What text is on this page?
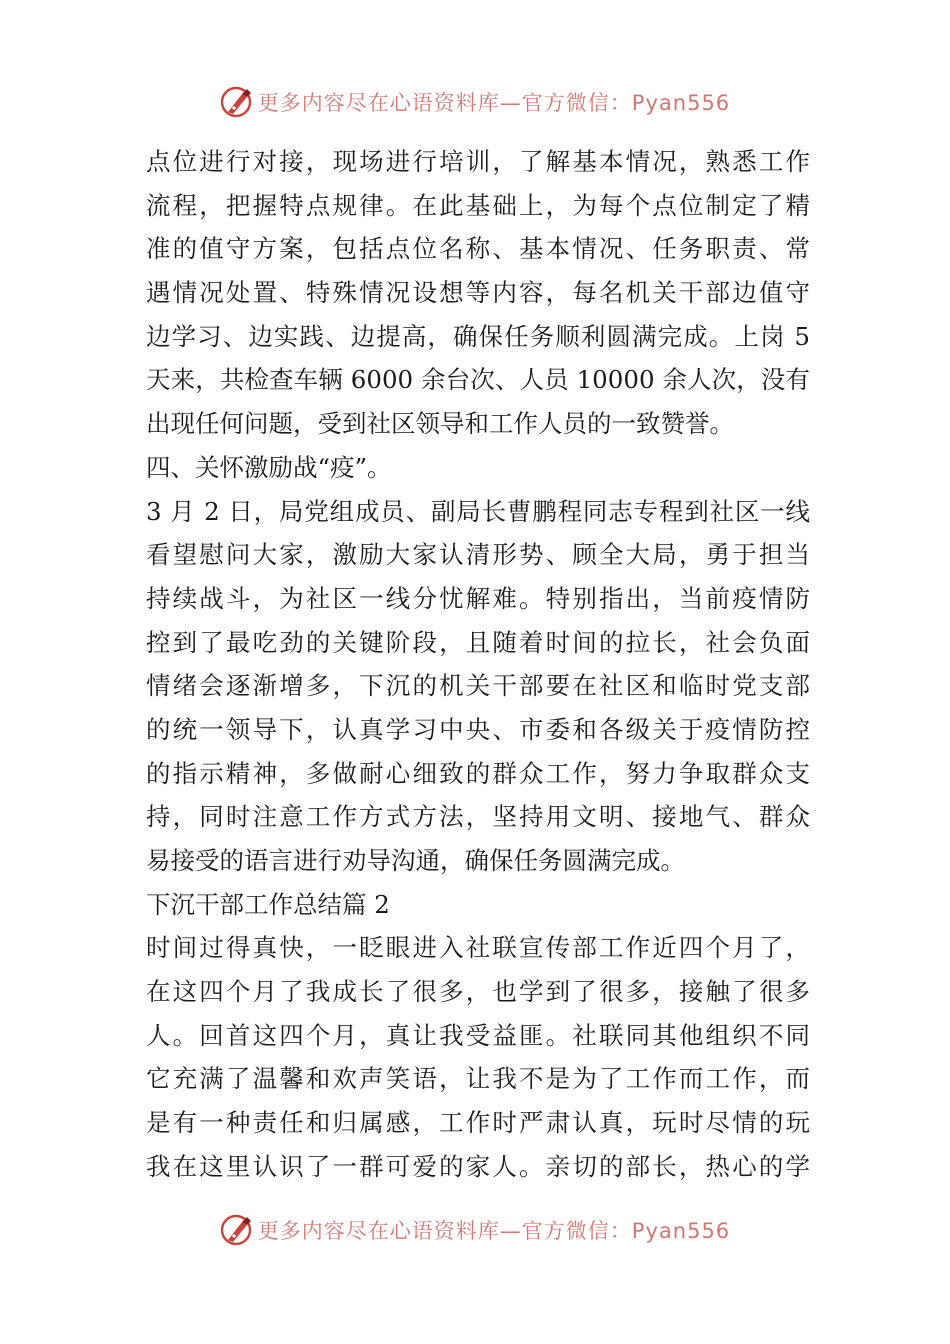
更多内容尽在心语资料库—官方微信：Pyan556
点位进行对接，现场进行培训，了解基本情况，熟悉工作
流程，把握特点规律。在此基础上，为每个点位制定了精
准的值守方案，包括点位名称、基本情况、任务职责、常
遇情况处置、特殊情况设想等内容，每名机关干部边值守
边学习、边实践、边提高，确保任务顺利圆满完成。上岗 5
天来，共检查车辆 6000 余台次、人员 10000 余人次，没有
出现任何问题，受到社区领导和工作人员的一致赞誉。
四、关怀激励战“疫”。
3 月 2 日，局党组成员、副局长曹鹏程同志专程到社区一线
看望慰问大家，激励大家认清形势、顾全大局，勇于担当
持续战斗，为社区一线分忧解难。特别指出，当前疫情防
控到了最吃劲的关键阶段，且随着时间的拉长，社会负面
情绪会逐渐增多，下沉的机关干部要在社区和临时党支部
的统一领导下，认真学习中央、市委和各级关于疫情防控
的指示精神，多做耐心细致的群众工作，努力争取群众支
持，同时注意工作方式方法，坚持用文明、接地气、群众
易接受的语言进行劝导沟通，确保任务圆满完成。
下沉干部工作总结篇 2
时间过得真快，一眨眼进入社联宣传部工作近四个月了，
在这四个月了我成长了很多，也学到了很多，接触了很多
人。回首这四个月，真让我受益匪。社联同其他组织不同
它充满了温馨和欢声笑语，让我不是为了工作而工作，而
是有一种责任和归属感，工作时严肃认真，玩时尽情的玩
我在这里认识了一群可爱的家人。亲切的部长，热心的学
更多内容尽在心语资料库—官方微信：Pyan556
